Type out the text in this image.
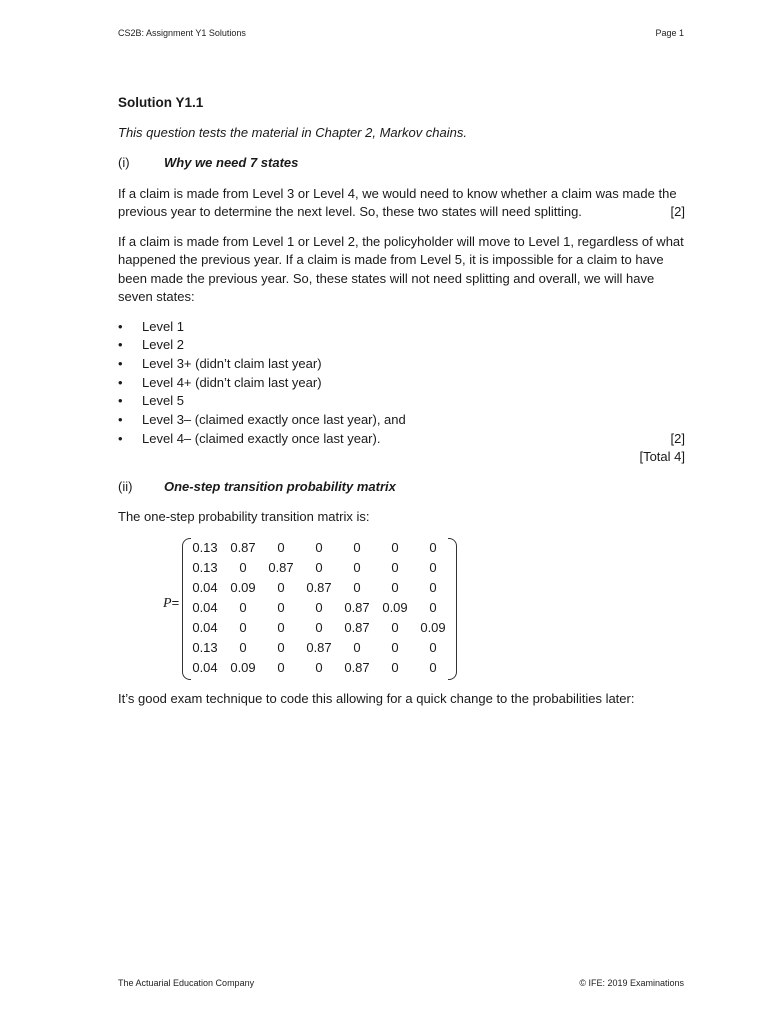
CS2B: Assignment Y1 Solutions	Page 1
Solution Y1.1
This question tests the material in Chapter 2, Markov chains.
(i)	Why we need 7 states

If a claim is made from Level 3 or Level 4, we would need to know whether a claim was made the previous year to determine the next level. So, these two states will need splitting.	[2]

If a claim is made from Level 1 or Level 2, the policyholder will move to Level 1, regardless of what happened the previous year. If a claim is made from Level 5, it is impossible for a claim to have been made the previous year. So, these states will not need splitting and overall, we will have seven states:

•	Level 1
•	Level 2
•	Level 3+ (didn’t claim last year)
•	Level 4+ (didn’t claim last year)
•	Level 5
•	Level 3– (claimed exactly once last year), and
•	Level 4– (claimed exactly once last year).	[2]
[Total 4]
(ii)	One-step transition probability matrix

The one-step probability transition matrix is:

P=
0.13	0.87	0	0	0	0	0
0.13	0	0.87	0	0	0	0
0.04	0.09	0	0.87	0	0	0
0.04	0	0	0	0.87	0.09	0
0.04	0	0	0	0.87	0	0.09
0.13	0	0	0.87	0	0	0
0.04	0.09	0	0	0.87	0	0

It’s good exam technique to code this allowing for a quick change to the probabilities later:

The Actuarial Education Company	© IFE: 2019 Examinations
